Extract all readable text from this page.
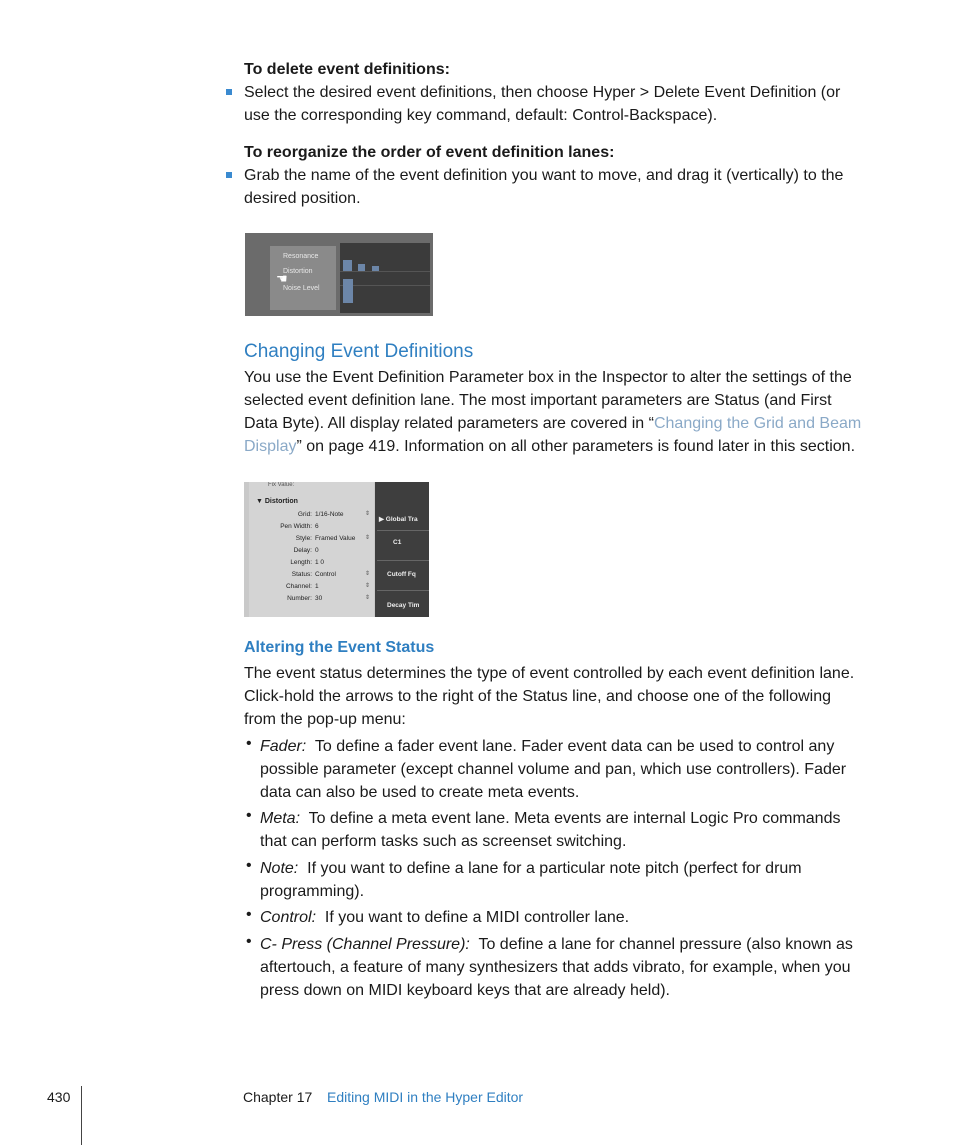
To delete event definitions:
Select the desired event definitions, then choose Hyper > Delete Event Definition (or
use the corresponding key command, default: Control-Backspace).
To reorganize the order of event definition lanes:
Grab the name of the event definition you want to move, and drag it (vertically) to the
desired position.
Resonance
Distortion
Noise Level
☚
Changing Event Definitions
You use the Event Definition Parameter box in the Inspector to alter the settings of the
selected event definition lane. The most important parameters are Status (and First
Data Byte). All display related parameters are covered in “Changing the Grid and Beam
Display” on page 419. Information on all other parameters is found later in this section.
Fix Value:
▼ Distortion
Grid: 1/16-Note	⇕
Pen Width: 6
Style: Framed Value ⇕
Delay: 0
Length: 1 0
Status: Control	⇕
Channel: 1	⇕
Number: 30	⇕
▶ Global Tra
C1
Cutoff Fq
Decay Tim
Altering the Event Status
The event status determines the type of event controlled by each event definition lane.
Click-hold the arrows to the right of the Status line, and choose one of the following
from the pop-up menu:
• Fader: To define a fader event lane. Fader event data can be used to control any
possible parameter (except channel volume and pan, which use controllers). Fader
data can also be used to create meta events.
• Meta: To define a meta event lane. Meta events are internal Logic Pro commands
that can perform tasks such as screenset switching.
• Note: If you want to define a lane for a particular note pitch (perfect for drum
programming).
• Control: If you want to define a MIDI controller lane.
• C- Press (Channel Pressure): To define a lane for channel pressure (also known as
aftertouch, a feature of many synthesizers that adds vibrato, for example, when you
press down on MIDI keyboard keys that are already held).
430	Chapter 17 Editing MIDI in the Hyper Editor
